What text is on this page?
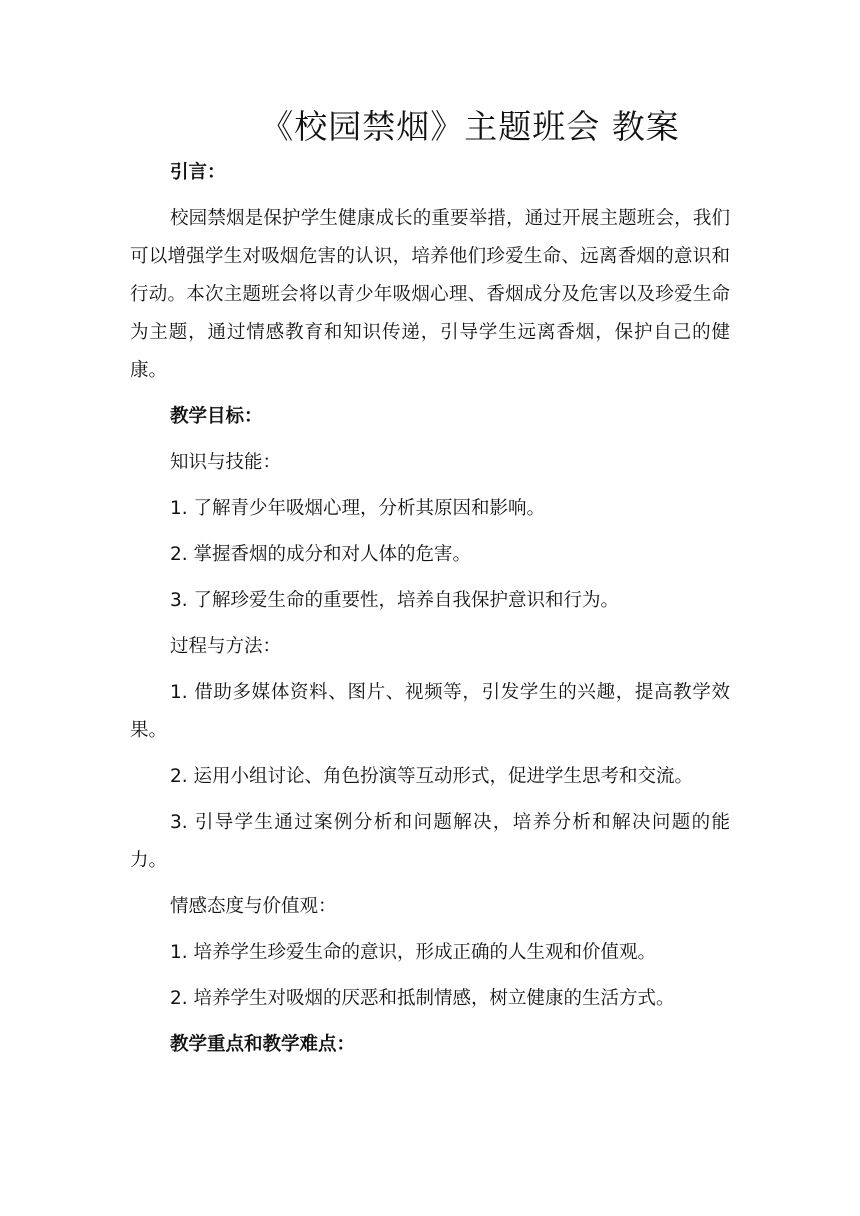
《校园禁烟》主题班会 教案

引言：

校园禁烟是保护学生健康成长的重要举措，通过开展主题班会，我们可以增强学生对吸烟危害的认识，培养他们珍爱生命、远离香烟的意识和行动。本次主题班会将以青少年吸烟心理、香烟成分及危害以及珍爱生命为主题，通过情感教育和知识传递，引导学生远离香烟，保护自己的健康。

教学目标：

知识与技能：

1. 了解青少年吸烟心理，分析其原因和影响。

2. 掌握香烟的成分和对人体的危害。

3. 了解珍爱生命的重要性，培养自我保护意识和行为。

过程与方法：

1. 借助多媒体资料、图片、视频等，引发学生的兴趣，提高教学效果。

2. 运用小组讨论、角色扮演等互动形式，促进学生思考和交流。

3. 引导学生通过案例分析和问题解决，培养分析和解决问题的能力。

情感态度与价值观：

1. 培养学生珍爱生命的意识，形成正确的人生观和价值观。

2. 培养学生对吸烟的厌恶和抵制情感，树立健康的生活方式。

教学重点和教学难点：
